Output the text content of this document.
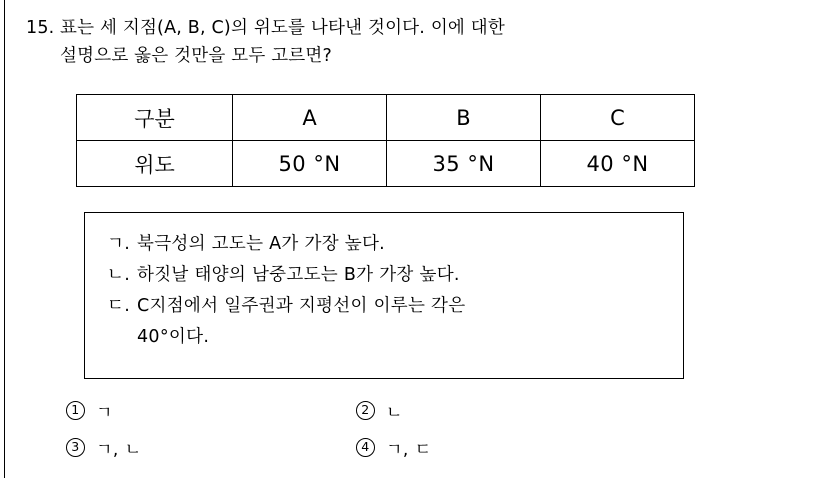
15. 표는 세 지점(A, B, C)의 위도를 나타낸 것이다. 이에 대한
설명으로 옳은 것만을 모두 고르면?
구분	A	B	C
위도	50 °N	35 °N	40 °N
ㄱ. 북극성의 고도는 A가 가장 높다.
ㄴ. 하짓날 태양의 남중고도는 B가 가장 높다.
ㄷ. C지점에서 일주권과 지평선이 이루는 각은
40°이다.
1 ㄱ	2 ㄴ
3 ㄱ, ㄴ	4 ㄱ, ㄷ
